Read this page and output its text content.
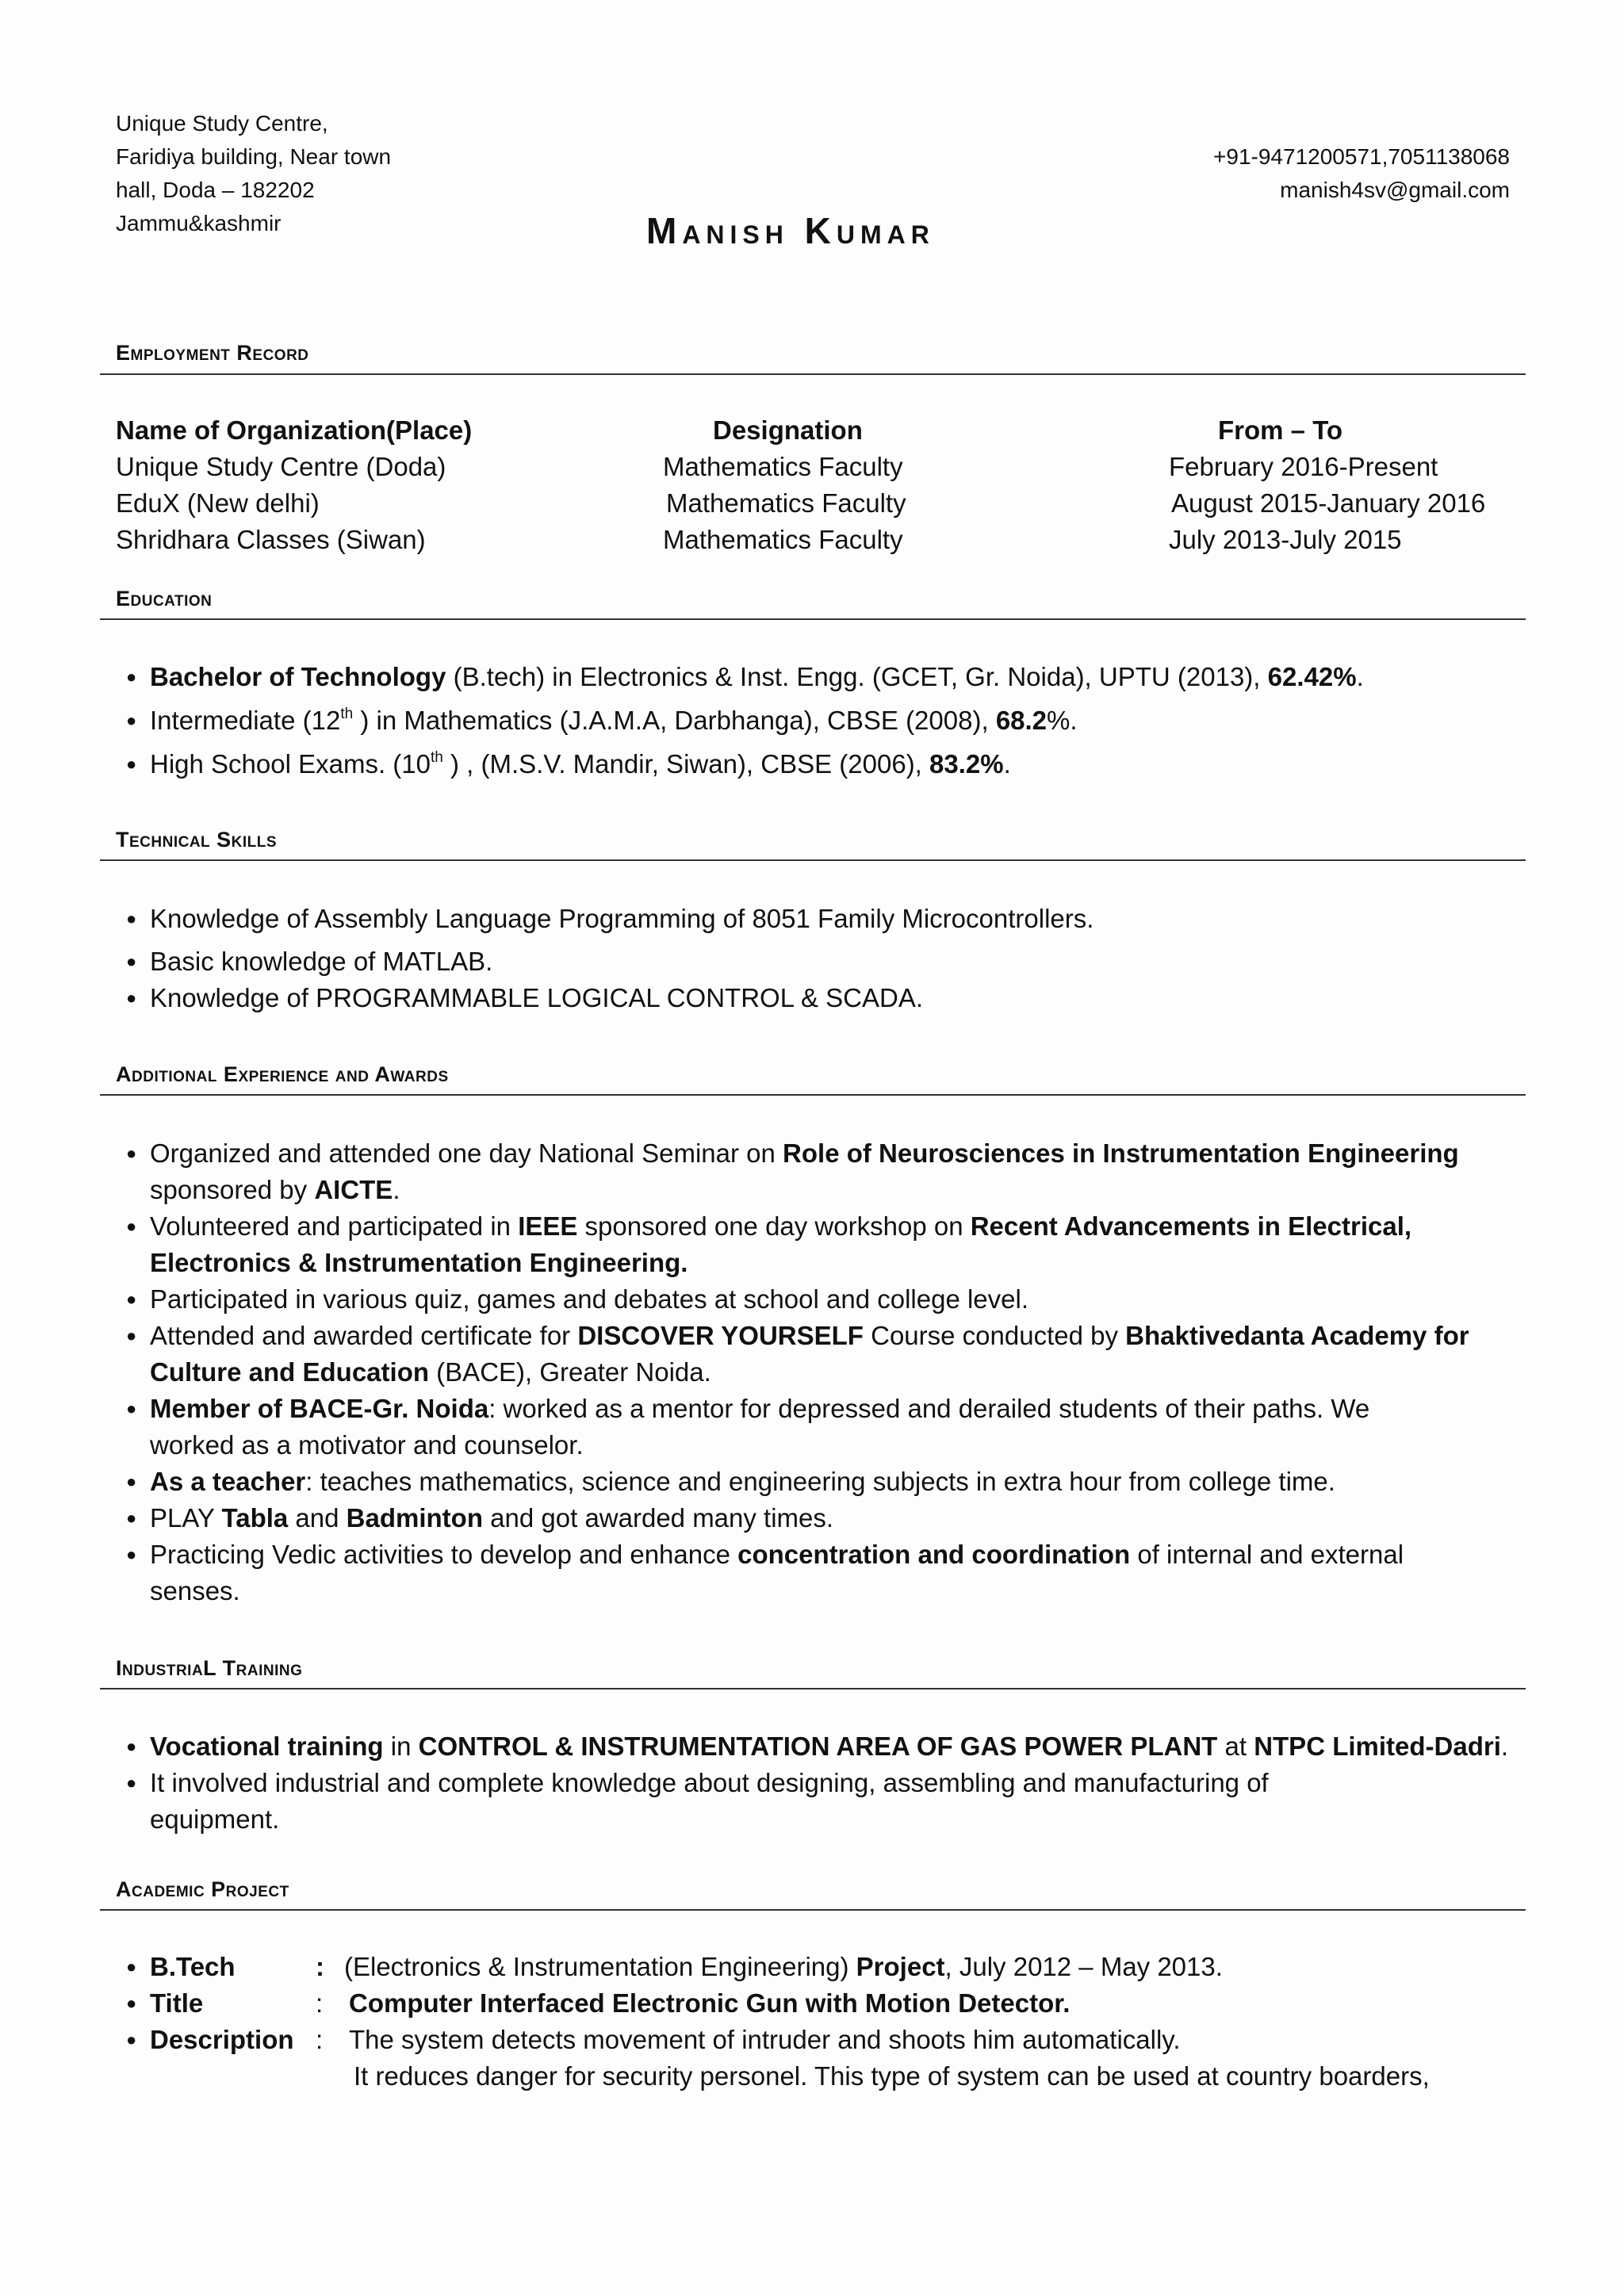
Unique Study Centre,
Faridiya building, Near town
hall, Doda – 182202
Jammu&kashmir
+91-9471200571,7051138068
manish4sv@gmail.com
Manish Kumar
Employment Record
Name of Organization(Place)	Designation	From – To
Unique Study Centre (Doda)	Mathematics Faculty	February 2016-Present
EduX (New delhi)	Mathematics Faculty	August 2015-January 2016
Shridhara Classes (Siwan)	Mathematics Faculty	July 2013-July 2015
Education
● Bachelor of Technology (B.tech) in Electronics & Inst. Engg. (GCET, Gr. Noida), UPTU (2013), 62.42%.
● Intermediate (12th ) in Mathematics (J.A.M.A, Darbhanga), CBSE (2008), 68.2%.
● High School Exams. (10th ) , (M.S.V. Mandir, Siwan), CBSE (2006), 83.2%.
Technical Skills
● Knowledge of Assembly Language Programming of 8051 Family Microcontrollers.
● Basic knowledge of MATLAB.
● Knowledge of PROGRAMMABLE LOGICAL CONTROL & SCADA.
Additional Experience and Awards
● Organized and attended one day National Seminar on Role of Neurosciences in Instrumentation Engineering
sponsored by AICTE.
● Volunteered and participated in IEEE sponsored one day workshop on Recent Advancements in Electrical,
Electronics & Instrumentation Engineering.
● Participated in various quiz, games and debates at school and college level.
● Attended and awarded certificate for DISCOVER YOURSELF Course conducted by Bhaktivedanta Academy for
Culture and Education (BACE), Greater Noida.
● Member of BACE-Gr. Noida: worked as a mentor for depressed and derailed students of their paths. We
worked as a motivator and counselor.
● As a teacher: teaches mathematics, science and engineering subjects in extra hour from college time.
● PLAY Tabla and Badminton and got awarded many times.
● Practicing Vedic activities to develop and enhance concentration and coordination of internal and external
senses.
IndustriaL Training
● Vocational training in CONTROL & INSTRUMENTATION AREA OF GAS POWER PLANT at NTPC Limited-Dadri.
● It involved industrial and complete knowledge about designing, assembling and manufacturing of
equipment.
Academic Project
● B.Tech	: (Electronics & Instrumentation Engineering) Project, July 2012 – May 2013.
● Title	: Computer Interfaced Electronic Gun with Motion Detector.
● Description : The system detects movement of intruder and shoots him automatically.
It reduces danger for security personel. This type of system can be used at country boarders,
